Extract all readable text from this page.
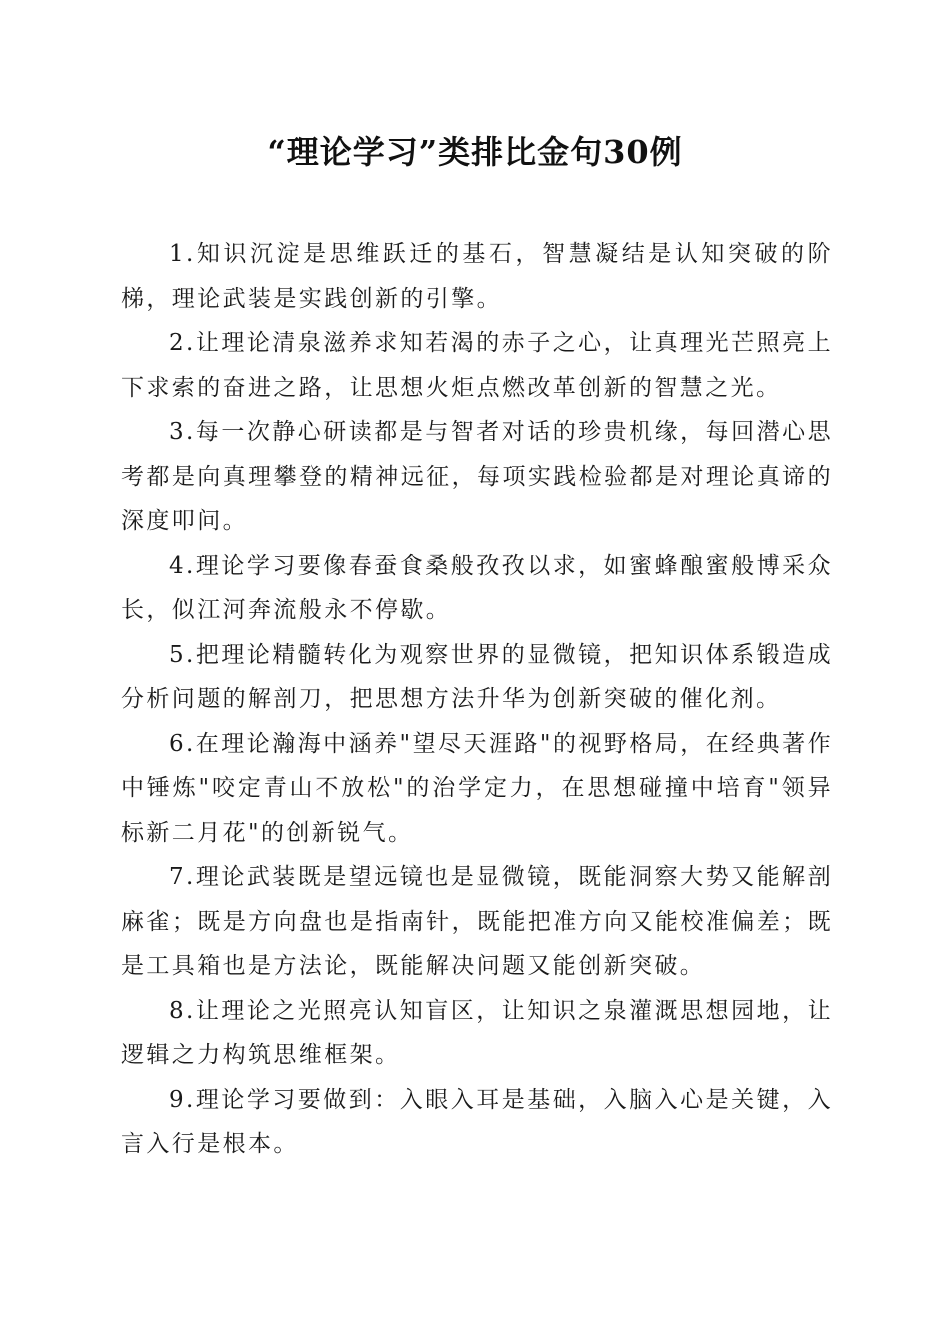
“理论学习”类排比金句30例

1.知识沉淀是思维跃迁的基石，智慧凝结是认知突破的阶梯，理论武装是实践创新的引擎。

2.让理论清泉滋养求知若渴的赤子之心，让真理光芒照亮上下求索的奋进之路，让思想火炬点燃改革创新的智慧之光。

3.每一次静心研读都是与智者对话的珍贵机缘，每回潜心思考都是向真理攀登的精神远征，每项实践检验都是对理论真谛的深度叩问。

4.理论学习要像春蚕食桑般孜孜以求，如蜜蜂酿蜜般博采众长，似江河奔流般永不停歇。

5.把理论精髓转化为观察世界的显微镜，把知识体系锻造成分析问题的解剖刀，把思想方法升华为创新突破的催化剂。

6.在理论瀚海中涵养"望尽天涯路"的视野格局，在经典著作中锤炼"咬定青山不放松"的治学定力，在思想碰撞中培育"领异标新二月花"的创新锐气。

7.理论武装既是望远镜也是显微镜，既能洞察大势又能解剖麻雀；既是方向盘也是指南针，既能把准方向又能校准偏差；既是工具箱也是方法论，既能解决问题又能创新突破。

8.让理论之光照亮认知盲区，让知识之泉灌溉思想园地，让逻辑之力构筑思维框架。

9.理论学习要做到：入眼入耳是基础，入脑入心是关键，入言入行是根本。
